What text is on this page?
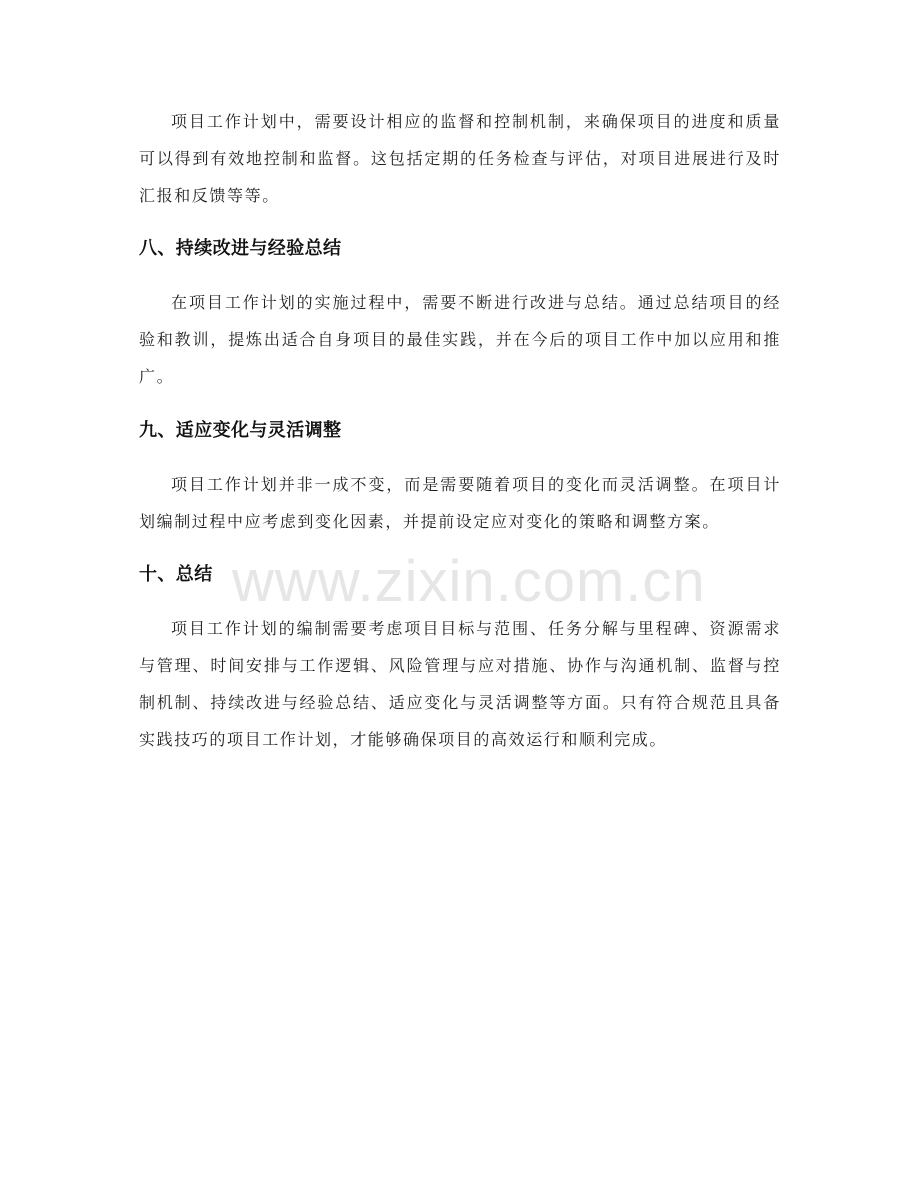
项目工作计划中，需要设计相应的监督和控制机制，来确保项目的进度和质量可以得到有效地控制和监督。这包括定期的任务检查与评估，对项目进展进行及时汇报和反馈等等。

八、持续改进与经验总结

在项目工作计划的实施过程中，需要不断进行改进与总结。通过总结项目的经验和教训，提炼出适合自身项目的最佳实践，并在今后的项目工作中加以应用和推广。

九、适应变化与灵活调整

项目工作计划并非一成不变，而是需要随着项目的变化而灵活调整。在项目计划编制过程中应考虑到变化因素，并提前设定应对变化的策略和调整方案。

十、总结

项目工作计划的编制需要考虑项目目标与范围、任务分解与里程碑、资源需求与管理、时间安排与工作逻辑、风险管理与应对措施、协作与沟通机制、监督与控制机制、持续改进与经验总结、适应变化与灵活调整等方面。只有符合规范且具备实践技巧的项目工作计划，才能够确保项目的高效运行和顺利完成。

www.zixin.com.cn
